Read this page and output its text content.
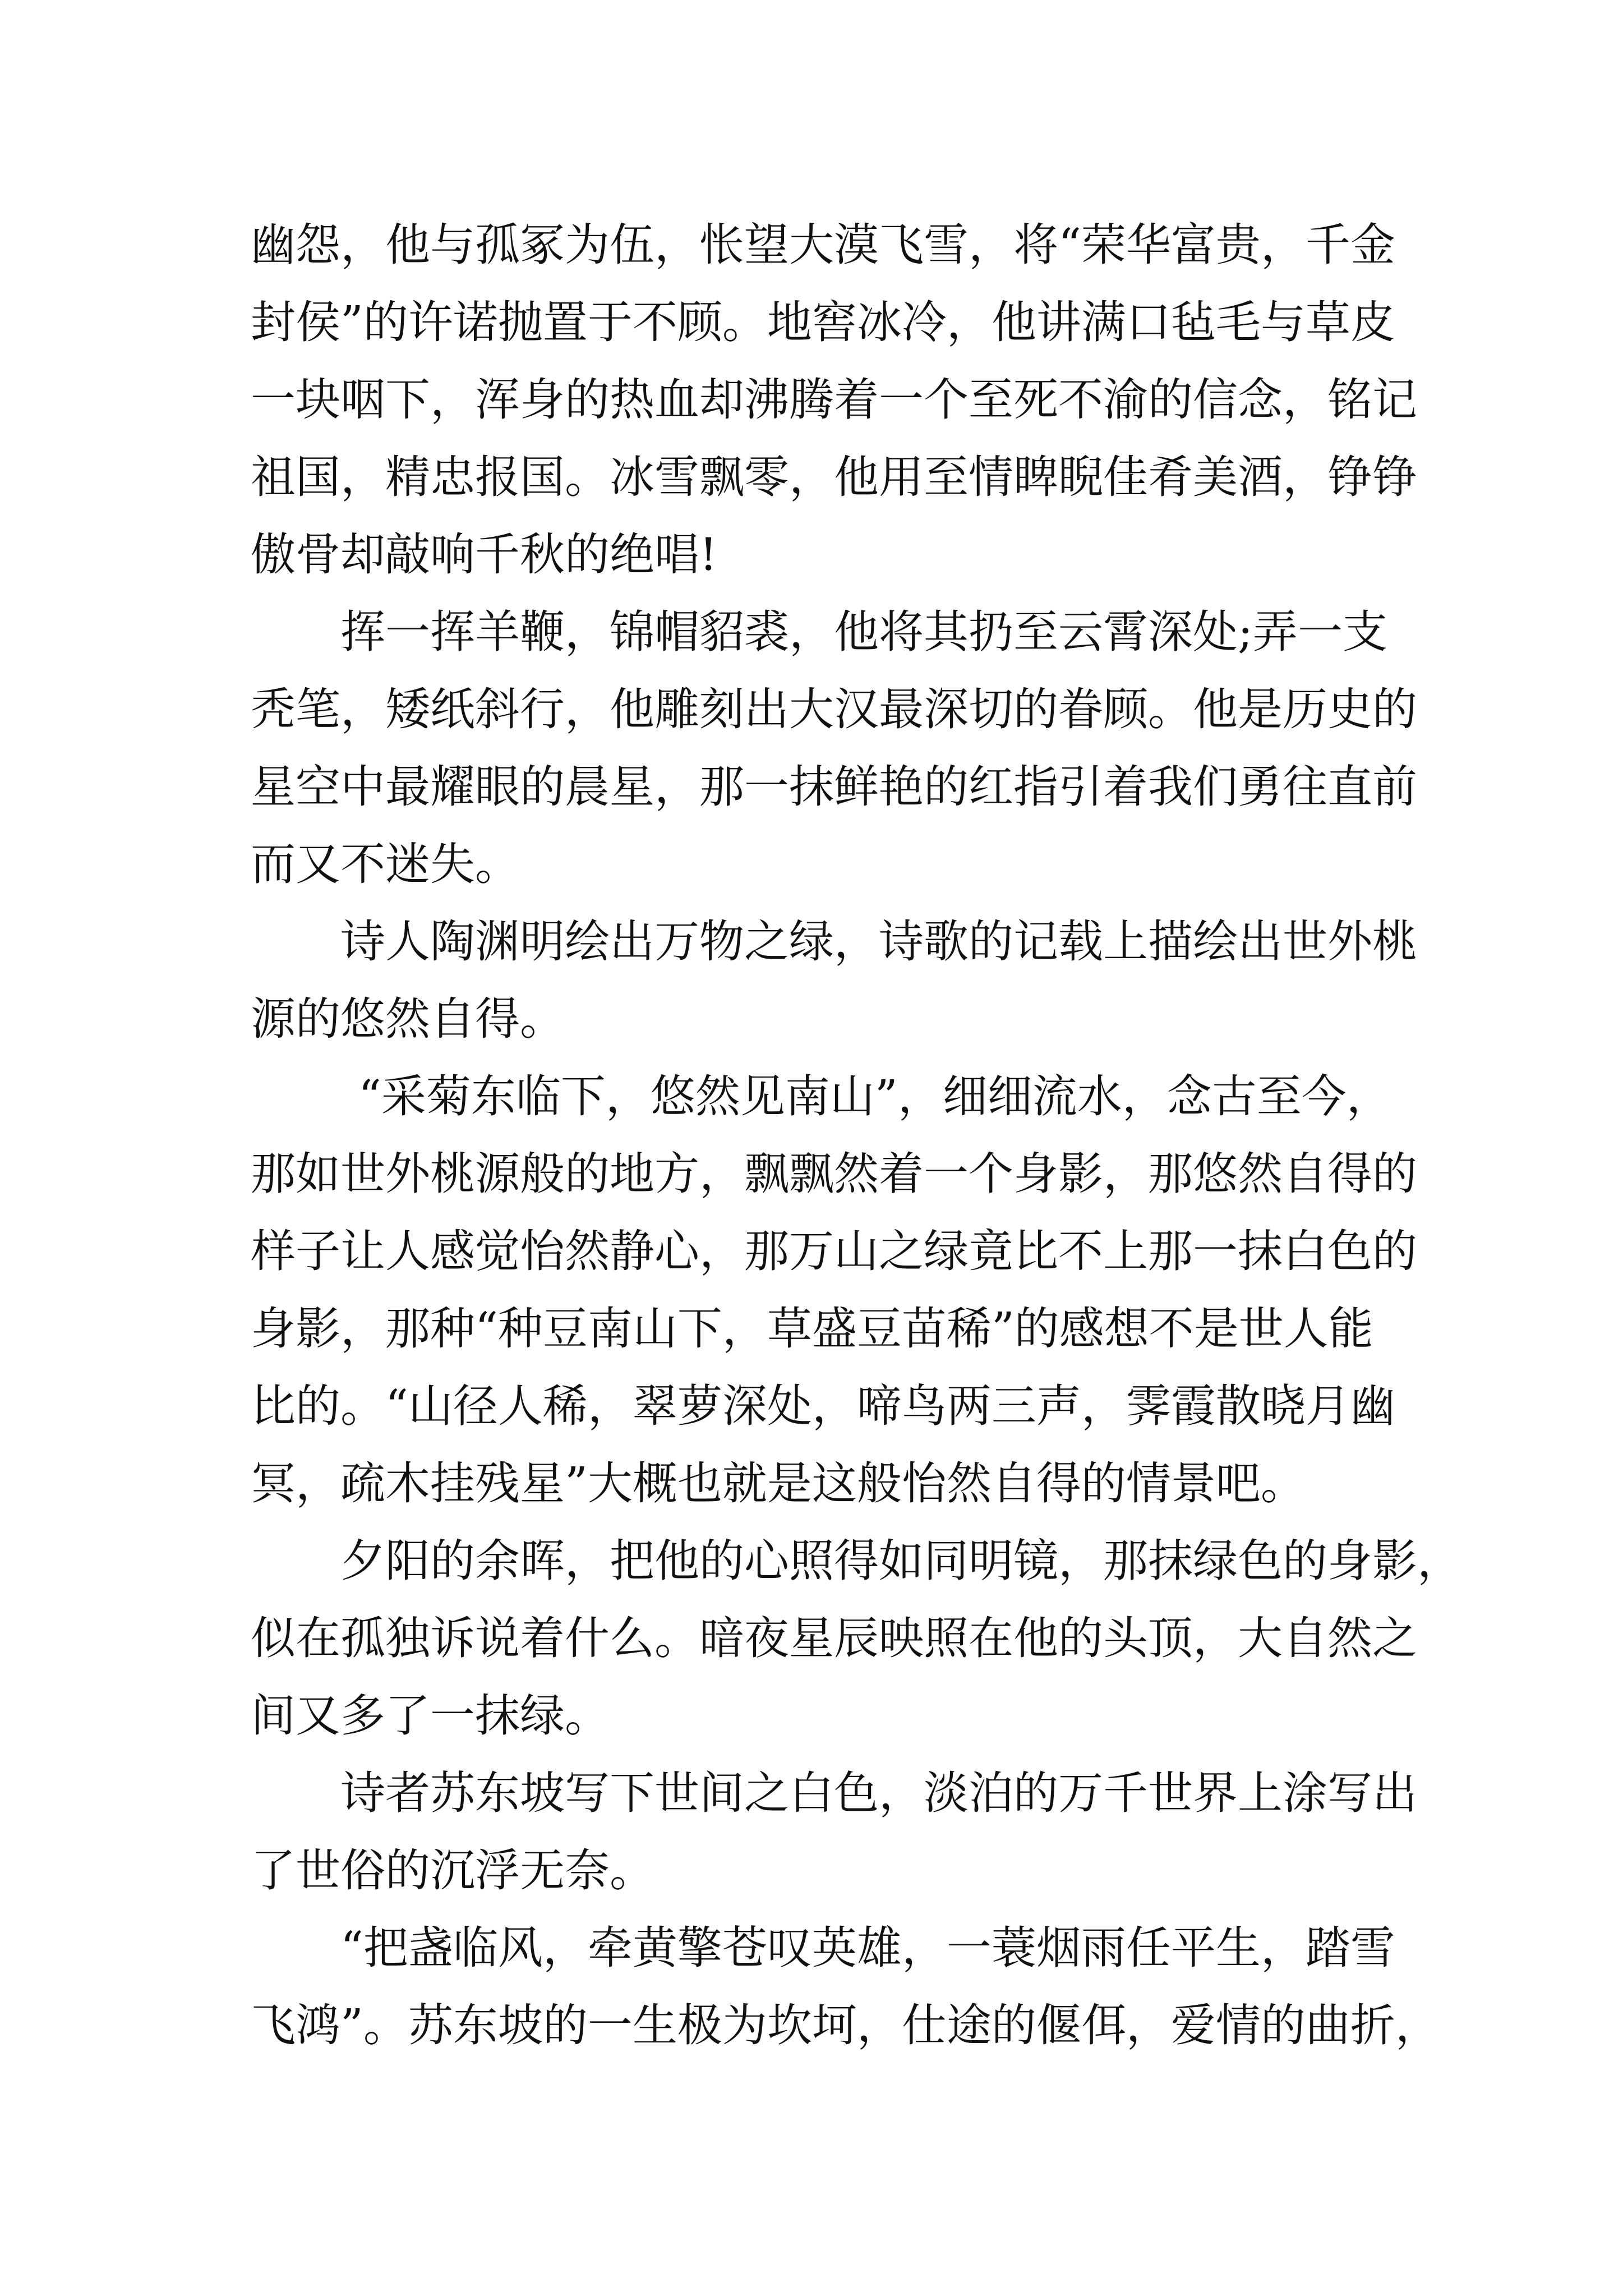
幽怨，他与孤冢为伍，怅望大漠飞雪，将“荣华富贵，千金
封侯”的许诺抛置于不顾。地窖冰冷，他讲满口毡毛与草皮
一块咽下，浑身的热血却沸腾着一个至死不渝的信念，铭记
祖国，精忠报国。冰雪飘零，他用至情睥睨佳肴美酒，铮铮
傲骨却敲响千秋的绝唱!
挥一挥羊鞭，锦帽貂裘，他将其扔至云霄深处;弄一支
秃笔，矮纸斜行，他雕刻出大汉最深切的眷顾。他是历史的
星空中最耀眼的晨星，那一抹鲜艳的红指引着我们勇往直前
而又不迷失。
诗人陶渊明绘出万物之绿，诗歌的记载上描绘出世外桃
源的悠然自得。
“采菊东临下，悠然见南山”，细细流水，念古至今，
那如世外桃源般的地方，飘飘然着一个身影，那悠然自得的
样子让人感觉怡然静心，那万山之绿竟比不上那一抹白色的
身影，那种“种豆南山下，草盛豆苗稀”的感想不是世人能
比的。“山径人稀，翠萝深处，啼鸟两三声，霁霞散晓月幽
冥，疏木挂残星”大概也就是这般怡然自得的情景吧。
夕阳的余晖，把他的心照得如同明镜，那抹绿色的身影，
似在孤独诉说着什么。暗夜星辰映照在他的头顶，大自然之
间又多了一抹绿。
诗者苏东坡写下世间之白色，淡泊的万千世界上涂写出
了世俗的沉浮无奈。
“把盏临风，牵黄擎苍叹英雄，一蓑烟雨任平生，踏雪
飞鸿”。苏东坡的一生极为坎坷，仕途的偃佴，爱情的曲折，
